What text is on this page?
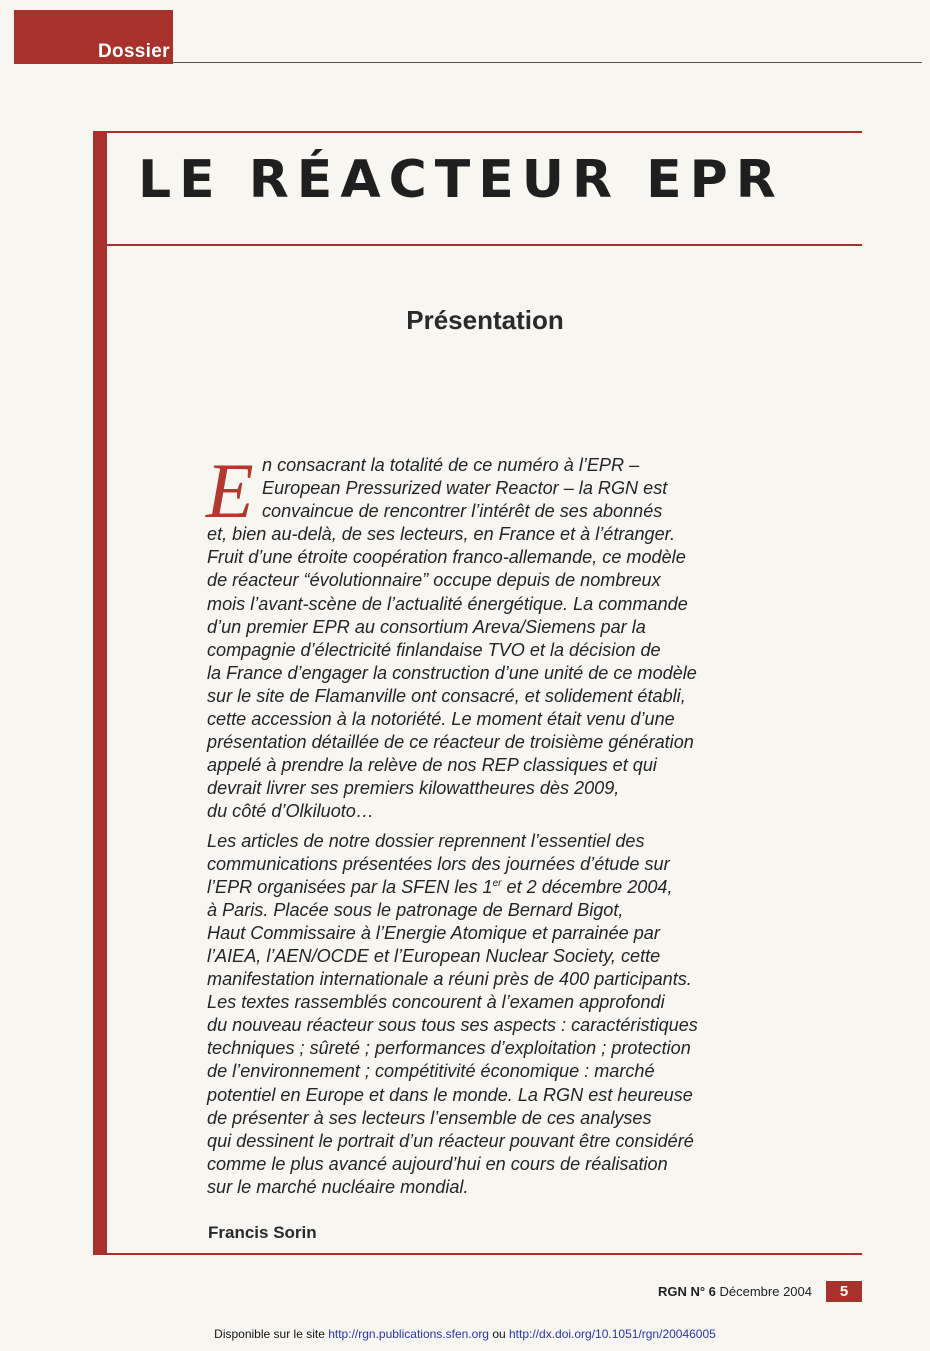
Dossier
LE RÉACTEUR EPR
Présentation
E n consacrant la totalité de ce numéro à l’EPR –
European Pressurized water Reactor – la RGN est
convaincue de rencontrer l’intérêt de ses abonnés
et, bien au-delà, de ses lecteurs, en France et à l’étranger.
Fruit d’une étroite coopération franco-allemande, ce modèle
de réacteur “évolutionnaire” occupe depuis de nombreux
mois l’avant-scène de l’actualité énergétique. La commande
d’un premier EPR au consortium Areva/Siemens par la
compagnie d’électricité finlandaise TVO et la décision de
la France d’engager la construction d’une unité de ce modèle
sur le site de Flamanville ont consacré, et solidement établi,
cette accession à la notoriété. Le moment était venu d’une
présentation détaillée de ce réacteur de troisième génération
appelé à prendre la relève de nos REP classiques et qui
devrait livrer ses premiers kilowattheures dès 2009,
du côté d’Olkiluoto…
Les articles de notre dossier reprennent l’essentiel des
communications présentées lors des journées d’étude sur
l’EPR organisées par la SFEN les 1er et 2 décembre 2004,
à Paris. Placée sous le patronage de Bernard Bigot,
Haut Commissaire à l’Energie Atomique et parrainée par
l’AIEA, l’AEN/OCDE et l’European Nuclear Society, cette
manifestation internationale a réuni près de 400 participants.
Les textes rassemblés concourent à l’examen approfondi
du nouveau réacteur sous tous ses aspects : caractéristiques
techniques ; sûreté ; performances d’exploitation ; protection
de l’environnement ; compétitivité économique : marché
potentiel en Europe et dans le monde. La RGN est heureuse
de présenter à ses lecteurs l’ensemble de ces analyses
qui dessinent le portrait d’un réacteur pouvant être considéré
comme le plus avancé aujourd’hui en cours de réalisation
sur le marché nucléaire mondial.
Francis Sorin
RGN N° 6 Décembre 2004	5
Disponible sur le site http://rgn.publications.sfen.org ou http://dx.doi.org/10.1051/rgn/20046005
